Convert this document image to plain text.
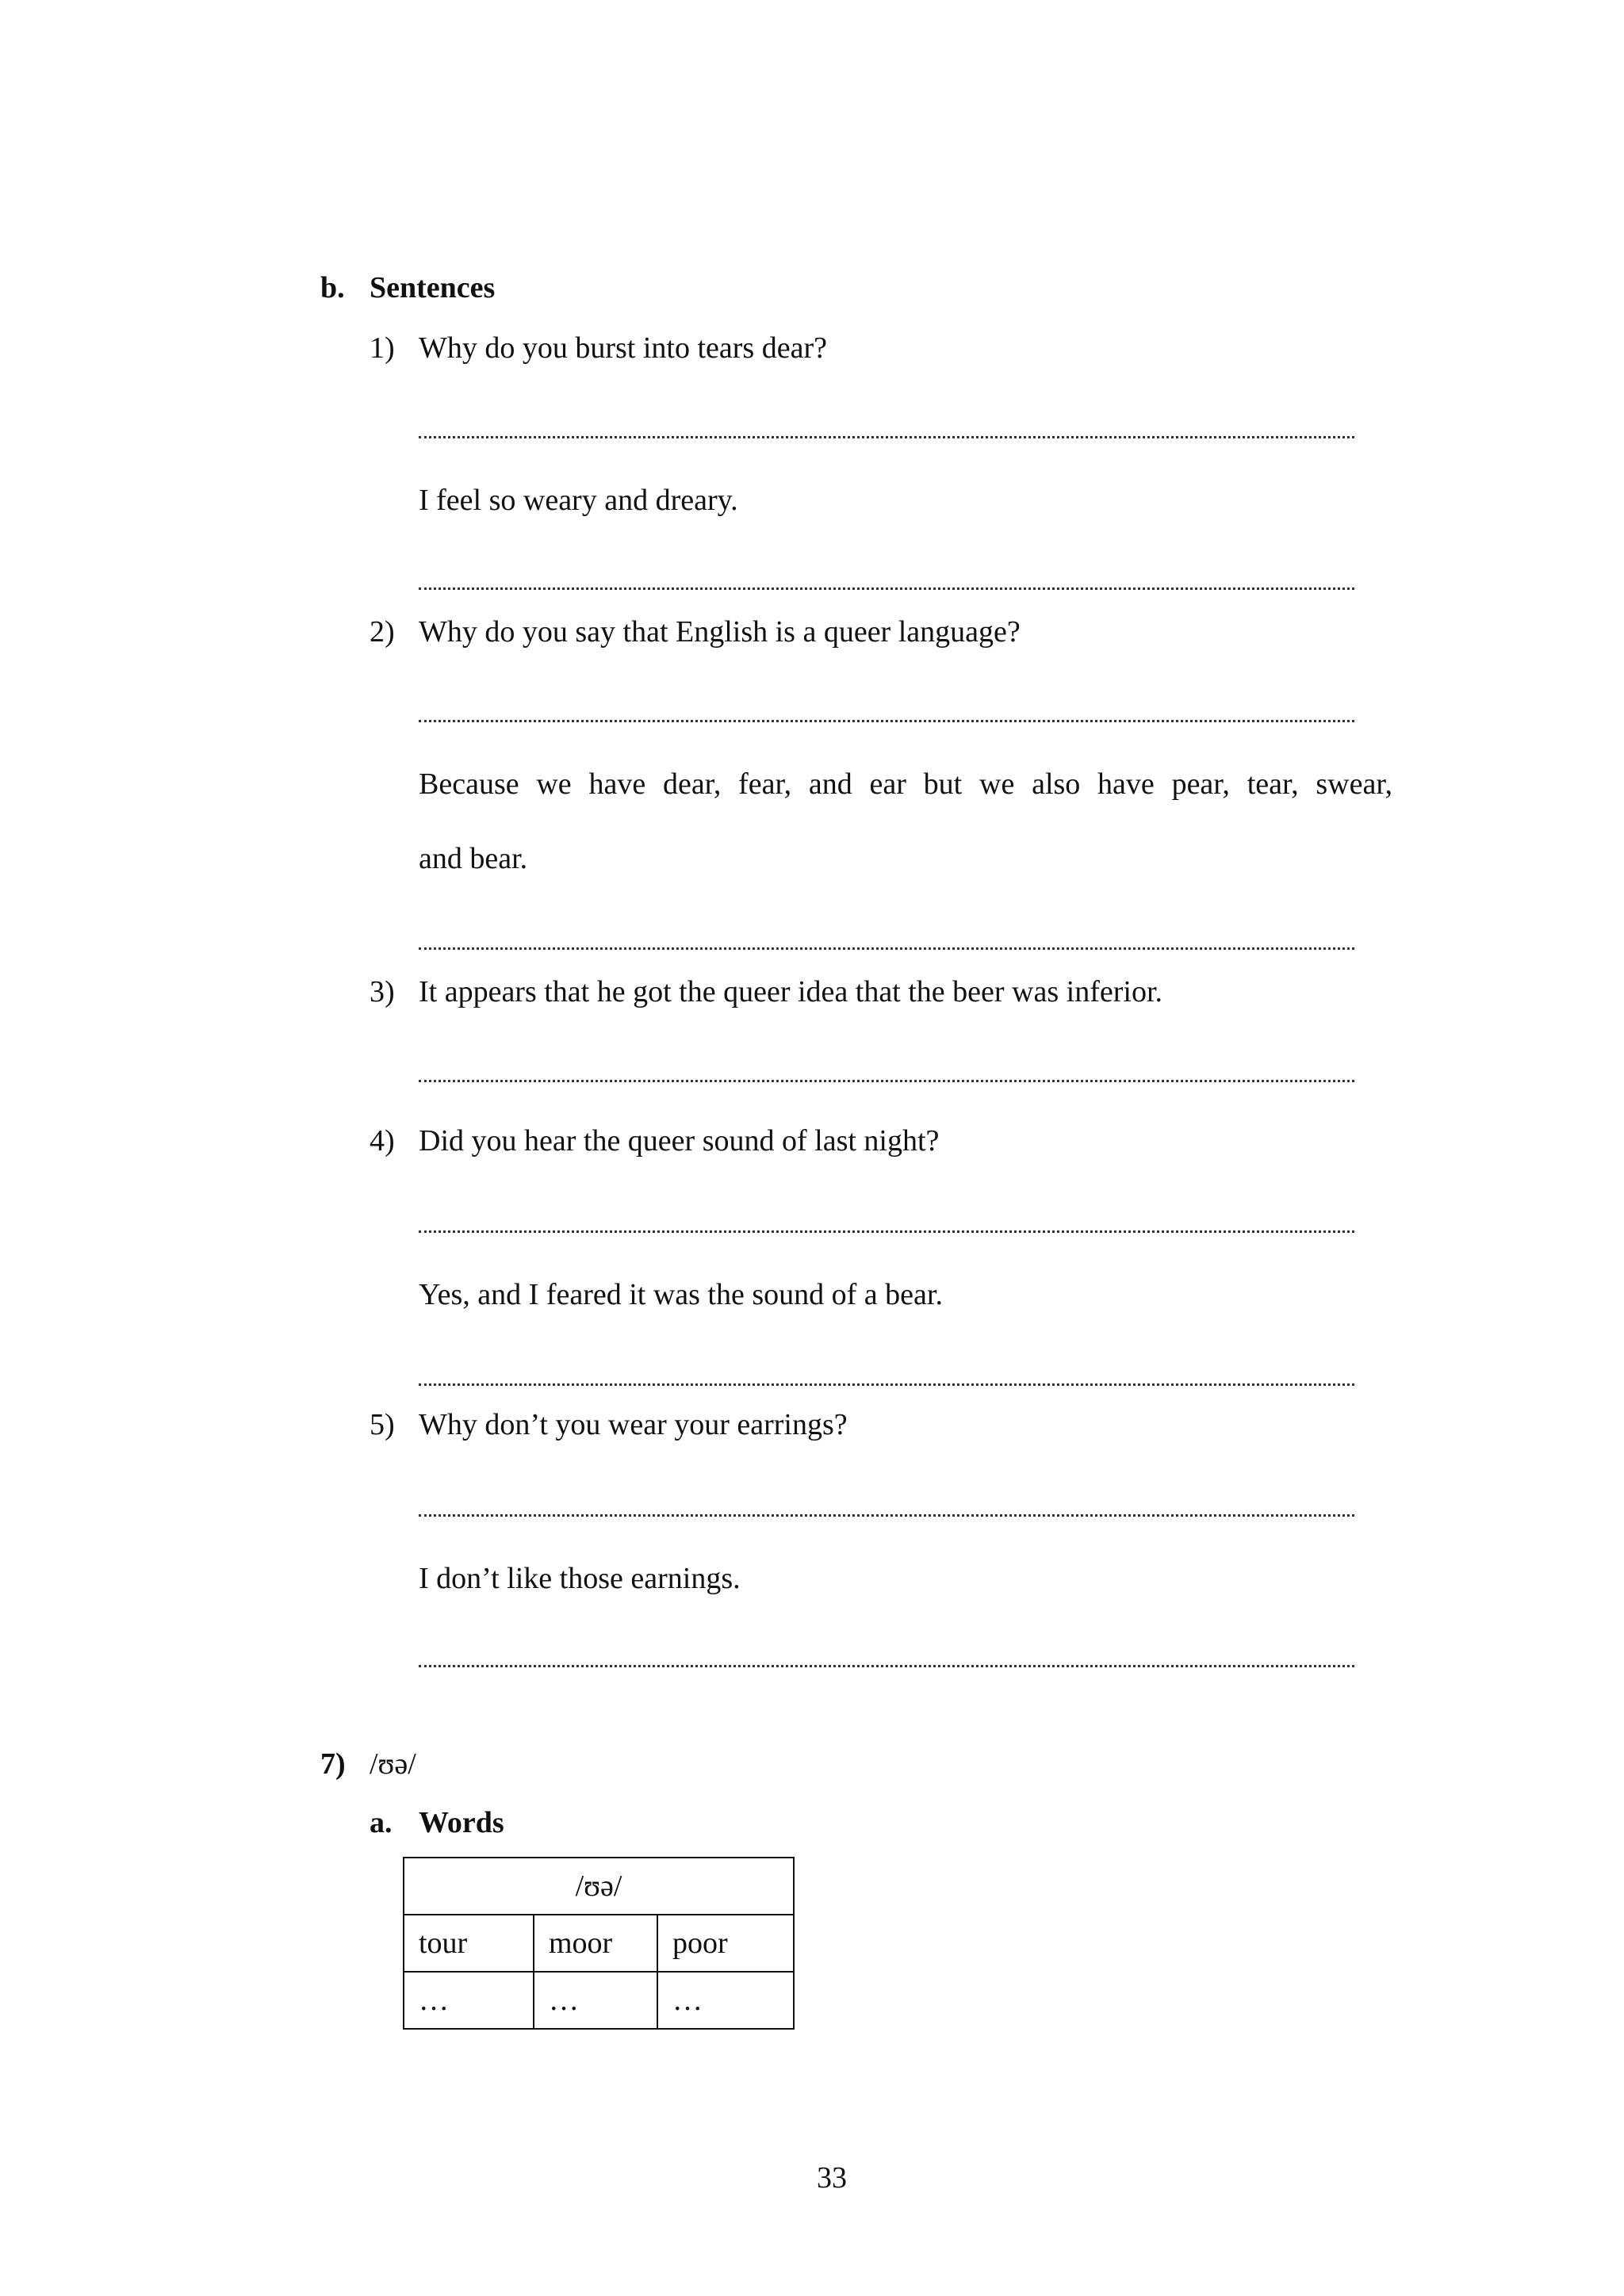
b. Sentences
1) Why do you burst into tears dear?
I feel so weary and dreary.
2) Why do you say that English is a queer language?
Because we have dear, fear, and ear but we also have pear, tear, swear,
and bear.
3) It appears that he got the queer idea that the beer was inferior.
4) Did you hear the queer sound of last night?
Yes, and I feared it was the sound of a bear.
5) Why don’t you wear your earrings?
I don’t like those earnings.
7) /ʊə/
a. Words
/ʊə/		
tour	moor	poor
…	…	…
33
